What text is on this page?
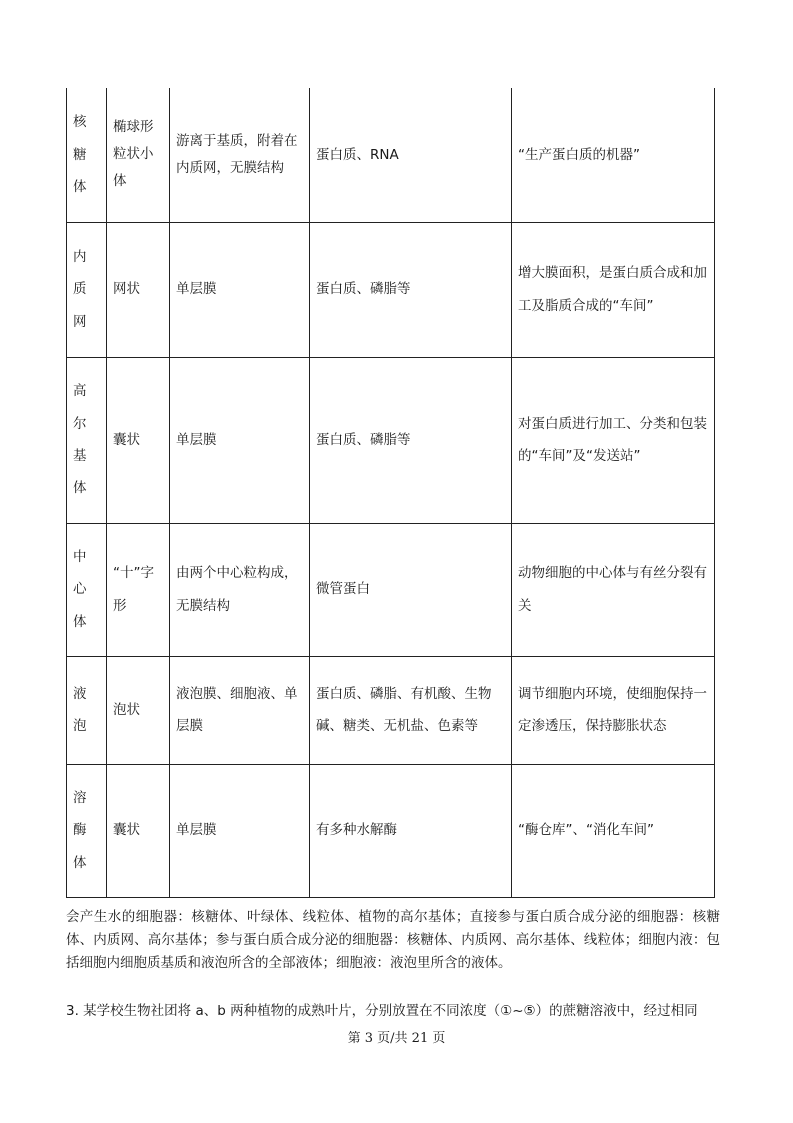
核
糖
体	椭球形粒状小体	游离于基质，附着在内质网，无膜结构	蛋白质、RNA	“生产蛋白质的机器”

内
质
网	网状	单层膜	蛋白质、磷脂等	增大膜面积，是蛋白质合成和加工及脂质合成的“车间”

高
尔
基
体	囊状	单层膜	蛋白质、磷脂等	对蛋白质进行加工、分类和包装的“车间”及“发送站”

中
心
体	“十”字形	由两个中心粒构成，无膜结构	微管蛋白	动物细胞的中心体与有丝分裂有关

液
泡	泡状	液泡膜、细胞液、单层膜	蛋白质、磷脂、有机酸、生物碱、糖类、无机盐、色素等	调节细胞内环境，使细胞保持一定渗透压，保持膨胀状态

溶
酶
体	囊状	单层膜	有多种水解酶	“酶仓库”、“消化车间”
会产生水的细胞器：核糖体、叶绿体、线粒体、植物的高尔基体；直接参与蛋白质合成分泌的细胞器：核糖体、内质网、高尔基体；参与蛋白质合成分泌的细胞器：核糖体、内质网、高尔基体、线粒体；细胞内液：包括细胞内细胞质基质和液泡所含的全部液体；细胞液：液泡里所含的液体。
3. 某学校生物社团将 a、b 两种植物的成熟叶片，分别放置在不同浓度（①~⑤）的蔗糖溶液中，经过相同
第 3 页/共 21 页
